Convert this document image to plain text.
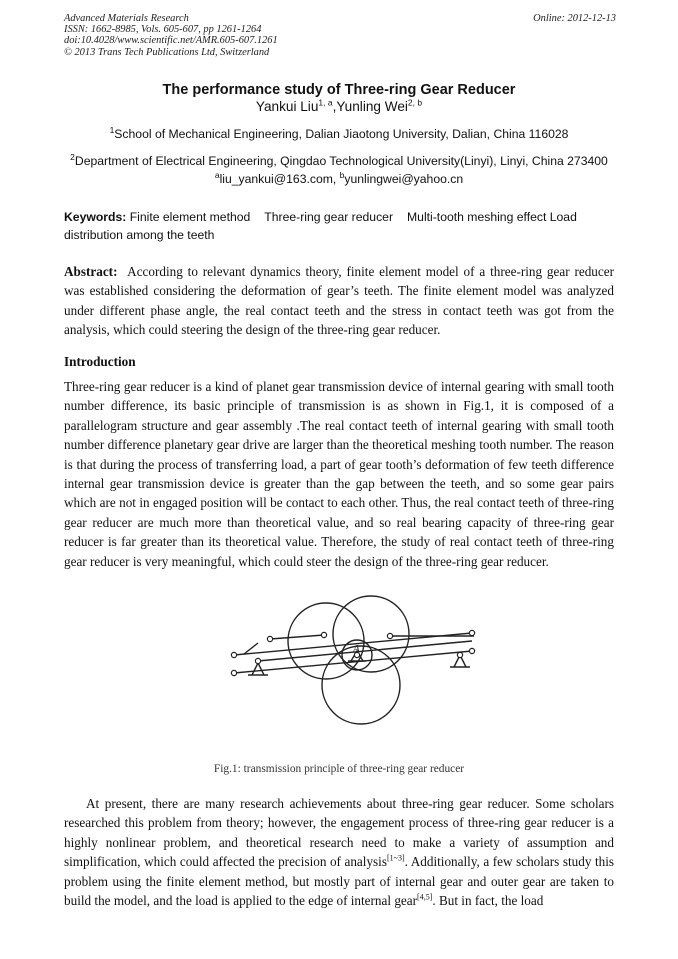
Advanced Materials Research
ISSN: 1662-8985, Vols. 605-607, pp 1261-1264
doi:10.4028/www.scientific.net/AMR.605-607.1261
© 2013 Trans Tech Publications Ltd, Switzerland
Online: 2012-12-13
The performance study of Three-ring Gear Reducer
Yankui Liu$^{1, a}$,Yunling Wei$^{2, b}$
$^1$School of Mechanical Engineering, Dalian Jiaotong University, Dalian, China 116028
$^2$Department of Electrical Engineering, Qingdao Technological University(Linyi), Linyi, China 273400
$^a$liu_yankui@163.com, $^b$yunlingwei@yahoo.cn
Keywords: Finite element method Three-ring gear reducer Multi-tooth meshing effect Load distribution among the teeth
Abstract: According to relevant dynamics theory, finite element model of a three-ring gear reducer was established considering the deformation of gear’s teeth. The finite element model was analyzed under different phase angle, the real contact teeth and the stress in contact teeth was got from the analysis, which could steering the design of the three-ring gear reducer.
Introduction
Three-ring gear reducer is a kind of planet gear transmission device of internal gearing with small tooth number difference, its basic principle of transmission is as shown in Fig.1, it is composed of a parallelogram structure and gear assembly .The real contact teeth of internal gearing with small tooth number difference planetary gear drive are larger than the theoretical meshing tooth number. The reason is that during the process of transferring load, a part of gear tooth’s deformation of few teeth difference internal gear transmission device is greater than the gap between the teeth, and so some gear pairs which are not in engaged position will be contact to each other. Thus, the real contact teeth of three-ring gear reducer are much more than theoretical value, and so real bearing capacity of three-ring gear reducer is far greater than its theoretical value. Therefore, the study of real contact teeth of three-ring gear reducer is very meaningful, which could steer the design of the three-ring gear reducer.
A
Fig.1: transmission principle of three-ring gear reducer
At present, there are many research achievements about three-ring gear reducer. Some scholars researched this problem from theory; however, the engagement process of three-ring gear reducer is a highly nonlinear problem, and theoretical research need to make a variety of assumption and simplification, which could affected the precision of analysis[1~3]. Additionally, a few scholars study this problem using the finite element method, but mostly part of internal gear and outer gear are taken to build the model, and the load is applied to the edge of internal gear[4,5]. But in fact, the load
